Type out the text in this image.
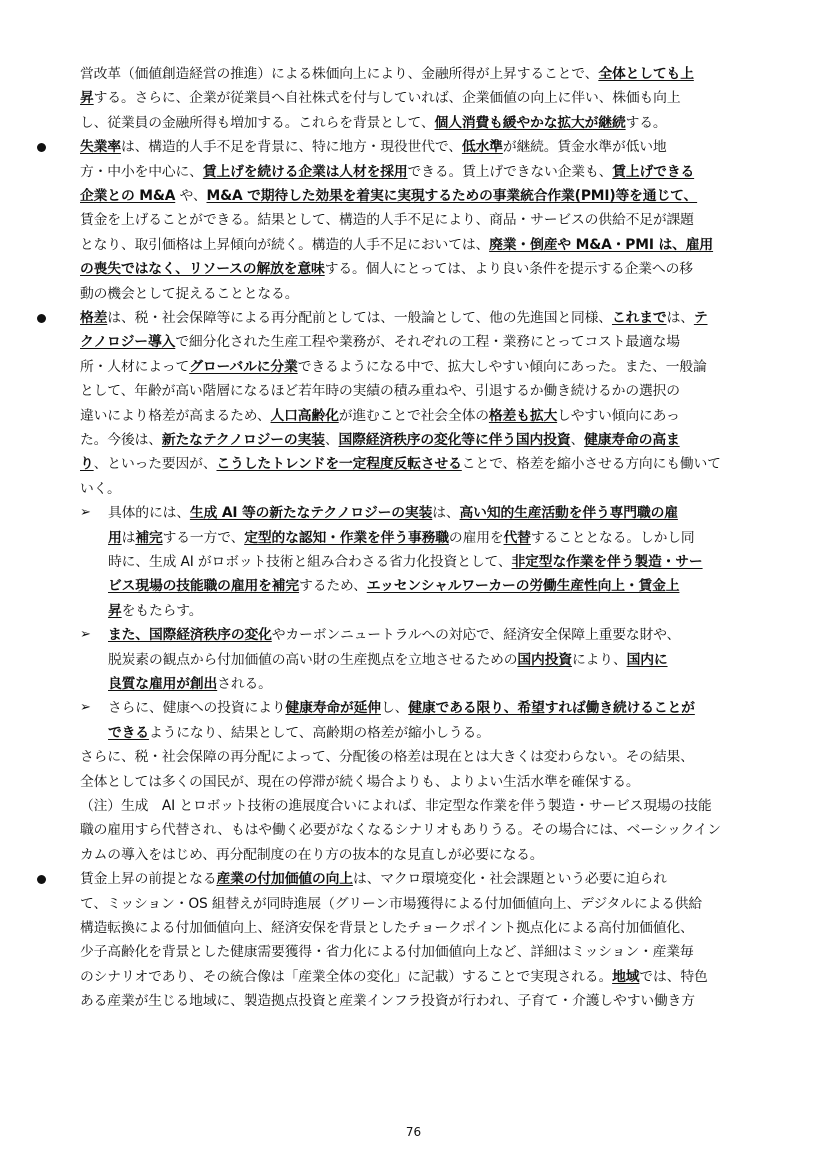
営改革（価値創造経営の推進）による株価向上により、金融所得が上昇することで、全体としても上
昇する。さらに、企業が従業員へ自社株式を付与していれば、企業価値の向上に伴い、株価も向上
し、従業員の金融所得も増加する。これらを背景として、個人消費も緩やかな拡大が継続する。
失業率は、構造的人手不足を背景に、特に地方・現役世代で、低水準が継続。賃金水準が低い地
方・中小を中心に、賃上げを続ける企業は人材を採用できる。賃上げできない企業も、賃上げできる
企業との M&A や、M&A で期待した効果を着実に実現するための事業統合作業(PMI)等を通じて、
賃金を上げることができる。結果として、構造的人手不足により、商品・サービスの供給不足が課題
となり、取引価格は上昇傾向が続く。構造的人手不足においては、廃業・倒産や M&A・PMI は、雇用
の喪失ではなく、リソースの解放を意味する。個人にとっては、より良い条件を提示する企業への移
動の機会として捉えることとなる。
格差は、税・社会保障等による再分配前としては、一般論として、他の先進国と同様、これまでは、テ
クノロジー導入で細分化された生産工程や業務が、それぞれの工程・業務にとってコスト最適な場
所・人材によってグローバルに分業できるようになる中で、拡大しやすい傾向にあった。また、一般論
として、年齢が高い階層になるほど若年時の実績の積み重ねや、引退するか働き続けるかの選択の
違いにより格差が高まるため、人口高齢化が進むことで社会全体の格差も拡大しやすい傾向にあっ
た。今後は、新たなテクノロジーの実装、国際経済秩序の変化等に伴う国内投資、健康寿命の高ま
り、といった要因が、こうしたトレンドを一定程度反転させることで、格差を縮小させる方向にも働いて
いく。
具体的には、生成 AI 等の新たなテクノロジーの実装は、高い知的生産活動を伴う専門職の雇
用は補完する一方で、定型的な認知・作業を伴う事務職の雇用を代替することとなる。しかし同
時に、生成 AI がロボット技術と組み合わさる省力化投資として、非定型な作業を伴う製造・サー
ビス現場の技能職の雇用を補完するため、エッセンシャルワーカーの労働生産性向上・賃金上
昇をもたらす。
また、国際経済秩序の変化やカーボンニュートラルへの対応で、経済安全保障上重要な財や、
脱炭素の観点から付加価値の高い財の生産拠点を立地させるための国内投資により、国内に
良質な雇用が創出される。
さらに、健康への投資により健康寿命が延伸し、健康である限り、希望すれば働き続けることが
できるようになり、結果として、高齢期の格差が縮小しうる。
さらに、税・社会保障の再分配によって、分配後の格差は現在とは大きくは変わらない。その結果、
全体としては多くの国民が、現在の停滞が続く場合よりも、よりよい生活水準を確保する。
（注）生成　AI とロボット技術の進展度合いによれば、非定型な作業を伴う製造・サービス現場の技能
職の雇用すら代替され、もはや働く必要がなくなるシナリオもありうる。その場合には、ベーシックイン
カムの導入をはじめ、再分配制度の在り方の抜本的な見直しが必要になる。
賃金上昇の前提となる産業の付加価値の向上は、マクロ環境変化・社会課題という必要に迫られ
て、ミッション・OS 組替えが同時進展（グリーン市場獲得による付加価値向上、デジタルによる供給
構造転換による付加価値向上、経済安保を背景としたチョークポイント拠点化による高付加価値化、
少子高齢化を背景とした健康需要獲得・省力化による付加価値向上など、詳細はミッション・産業毎
のシナリオであり、その統合像は「産業全体の変化」に記載）することで実現される。地域では、特色
ある産業が生じる地域に、製造拠点投資と産業インフラ投資が行われ、子育て・介護しやすい働き方
➢
➢
➢
76
